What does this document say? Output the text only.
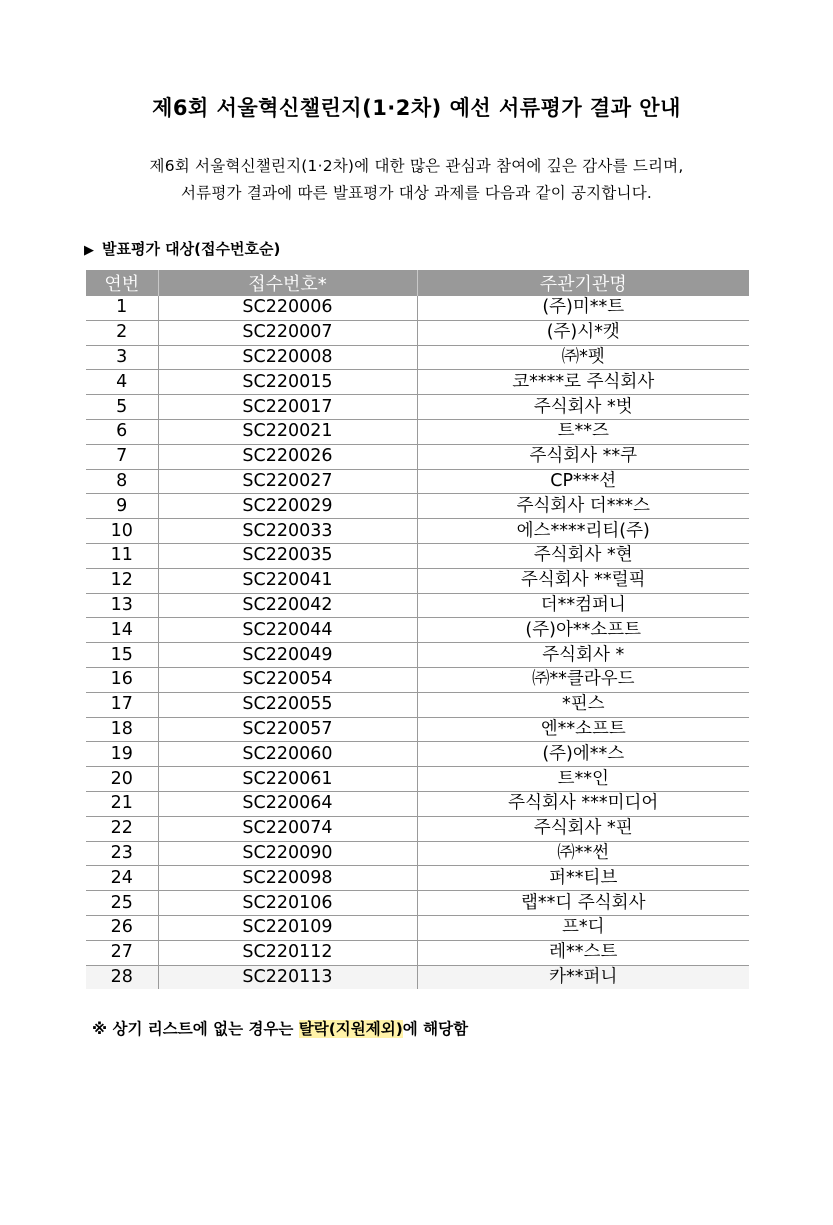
제6회 서울혁신챌린지(1·2차) 예선 서류평가 결과 안내
제6회 서울혁신챌린지(1·2차)에 대한 많은 관심과 참여에 깊은 감사를 드리며,
서류평가 결과에 따른 발표평가 대상 과제를 다음과 같이 공지합니다.
▶ 발표평가 대상(접수번호순)
연번	접수번호*	주관기관명
1	SC220006	(주)미**트
2	SC220007	(주)시*캣
3	SC220008	㈜*펫
4	SC220015	코****로 주식회사
5	SC220017	주식회사 *벗
6	SC220021	트**즈
7	SC220026	주식회사 **쿠
8	SC220027	CP***션
9	SC220029	주식회사 더***스
10	SC220033	에스****리티(주)
11	SC220035	주식회사 *현
12	SC220041	주식회사 **럴픽
13	SC220042	더**컴퍼니
14	SC220044	(주)아**소프트
15	SC220049	주식회사 *
16	SC220054	㈜**클라우드
17	SC220055	*핀스
18	SC220057	엔**소프트
19	SC220060	(주)에**스
20	SC220061	트**인
21	SC220064	주식회사 ***미디어
22	SC220074	주식회사 *핀
23	SC220090	㈜**썬
24	SC220098	퍼**티브
25	SC220106	랩**디 주식회사
26	SC220109	프*디
27	SC220112	레**스트
28	SC220113	카**퍼니
※ 상기 리스트에 없는 경우는 탈락(지원제외)에 해당함
